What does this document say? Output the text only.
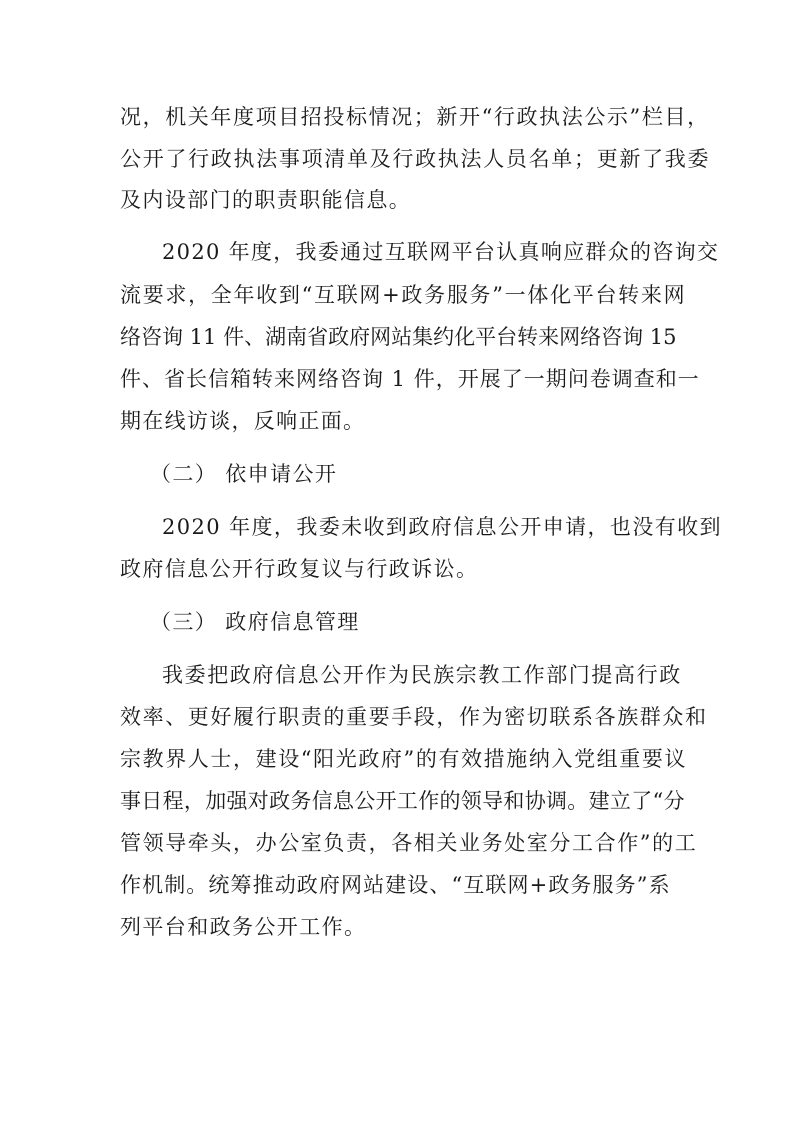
况，机关年度项目招投标情况；新开“行政执法公示”栏目，
公开了行政执法事项清单及行政执法人员名单；更新了我委
及内设部门的职责职能信息。
2020 年度，我委通过互联网平台认真响应群众的咨询交
流要求，全年收到“互联网+政务服务”一体化平台转来网
络咨询 11 件、湖南省政府网站集约化平台转来网络咨询 15
件、省长信箱转来网络咨询 1 件，开展了一期问卷调查和一
期在线访谈，反响正面。
（二） 依申请公开
2020 年度，我委未收到政府信息公开申请，也没有收到
政府信息公开行政复议与行政诉讼。
（三） 政府信息管理
我委把政府信息公开作为民族宗教工作部门提高行政
效率、更好履行职责的重要手段，作为密切联系各族群众和
宗教界人士，建设“阳光政府”的有效措施纳入党组重要议
事日程，加强对政务信息公开工作的领导和协调。建立了“分
管领导牵头，办公室负责，各相关业务处室分工合作”的工
作机制。统筹推动政府网站建设、“互联网+政务服务”系
列平台和政务公开工作。
